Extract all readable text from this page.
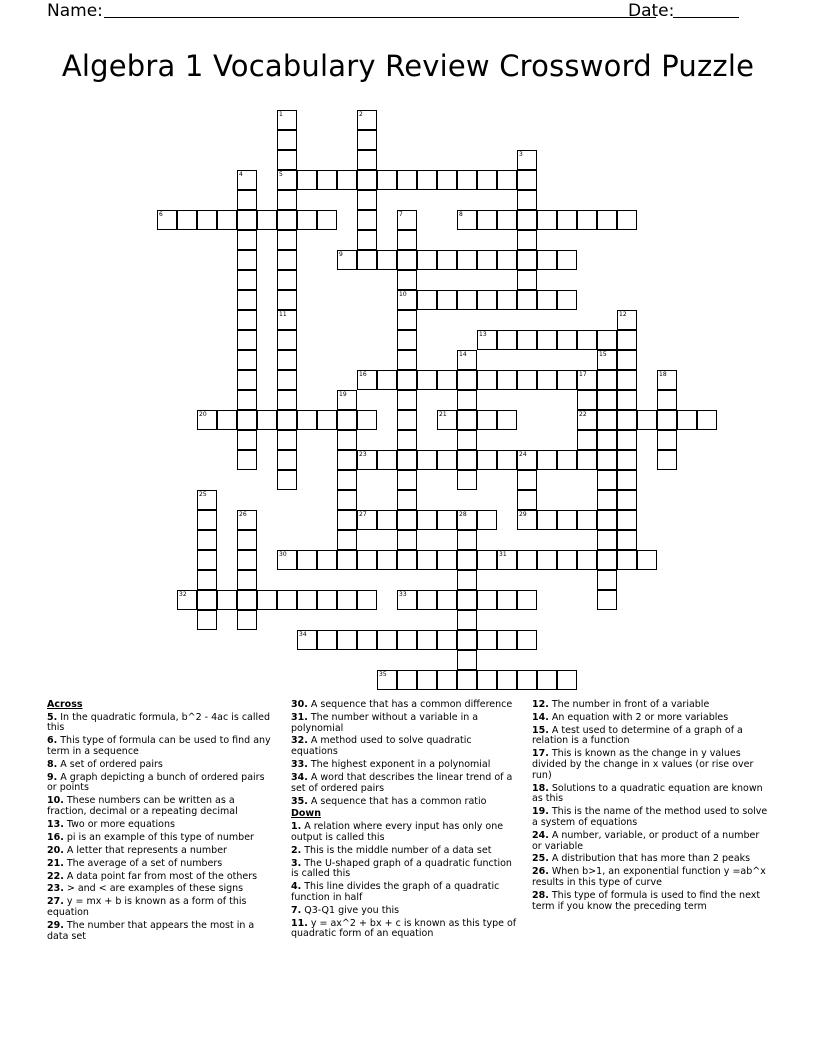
Name:	Date:
Algebra 1 Vocabulary Review Crossword Puzzle
5
6	8
9
10
13
16
20	21	22
23	24
27	28	29
30	31
32	33
34
35
1
11
2
3
4
7
12
14	15
17	18
19
25
26
Across
5. In the quadratic formula, b^2 - 4ac is called this
6. This type of formula can be used to find any term in a sequence
8. A set of ordered pairs
9. A graph depicting a bunch of ordered pairs or points
10. These numbers can be written as a fraction, decimal or a repeating decimal
13. Two or more equations
16. pi is an example of this type of number
20. A letter that represents a number
21. The average of a set of numbers
22. A data point far from most of the others
23. > and < are examples of these signs
27. y = mx + b is known as a form of this equation
29. The number that appears the most in a data set
30. A sequence that has a common difference
31. The number without a variable in a polynomial
32. A method used to solve quadratic equations
33. The highest exponent in a polynomial
34. A word that describes the linear trend of a set of ordered pairs
35. A sequence that has a common ratio
Down
1. A relation where every input has only one output is called this
2. This is the middle number of a data set
3. The U-shaped graph of a quadratic function is called this
4. This line divides the graph of a quadratic function in half
7. Q3-Q1 give you this
11. y = ax^2 + bx + c is known as this type of quadratic form of an equation
12. The number in front of a variable
14. An equation with 2 or more variables
15. A test used to determine of a graph of a relation is a function
17. This is known as the change in y values divided by the change in x values (or rise over run)
18. Solutions to a quadratic equation are known as this
19. This is the name of the method used to solve a system of equations
24. A number, variable, or product of a number or variable
25. A distribution that has more than 2 peaks
26. When b>1, an exponential function y =ab^x results in this type of curve
28. This type of formula is used to find the next term if you know the preceding term
